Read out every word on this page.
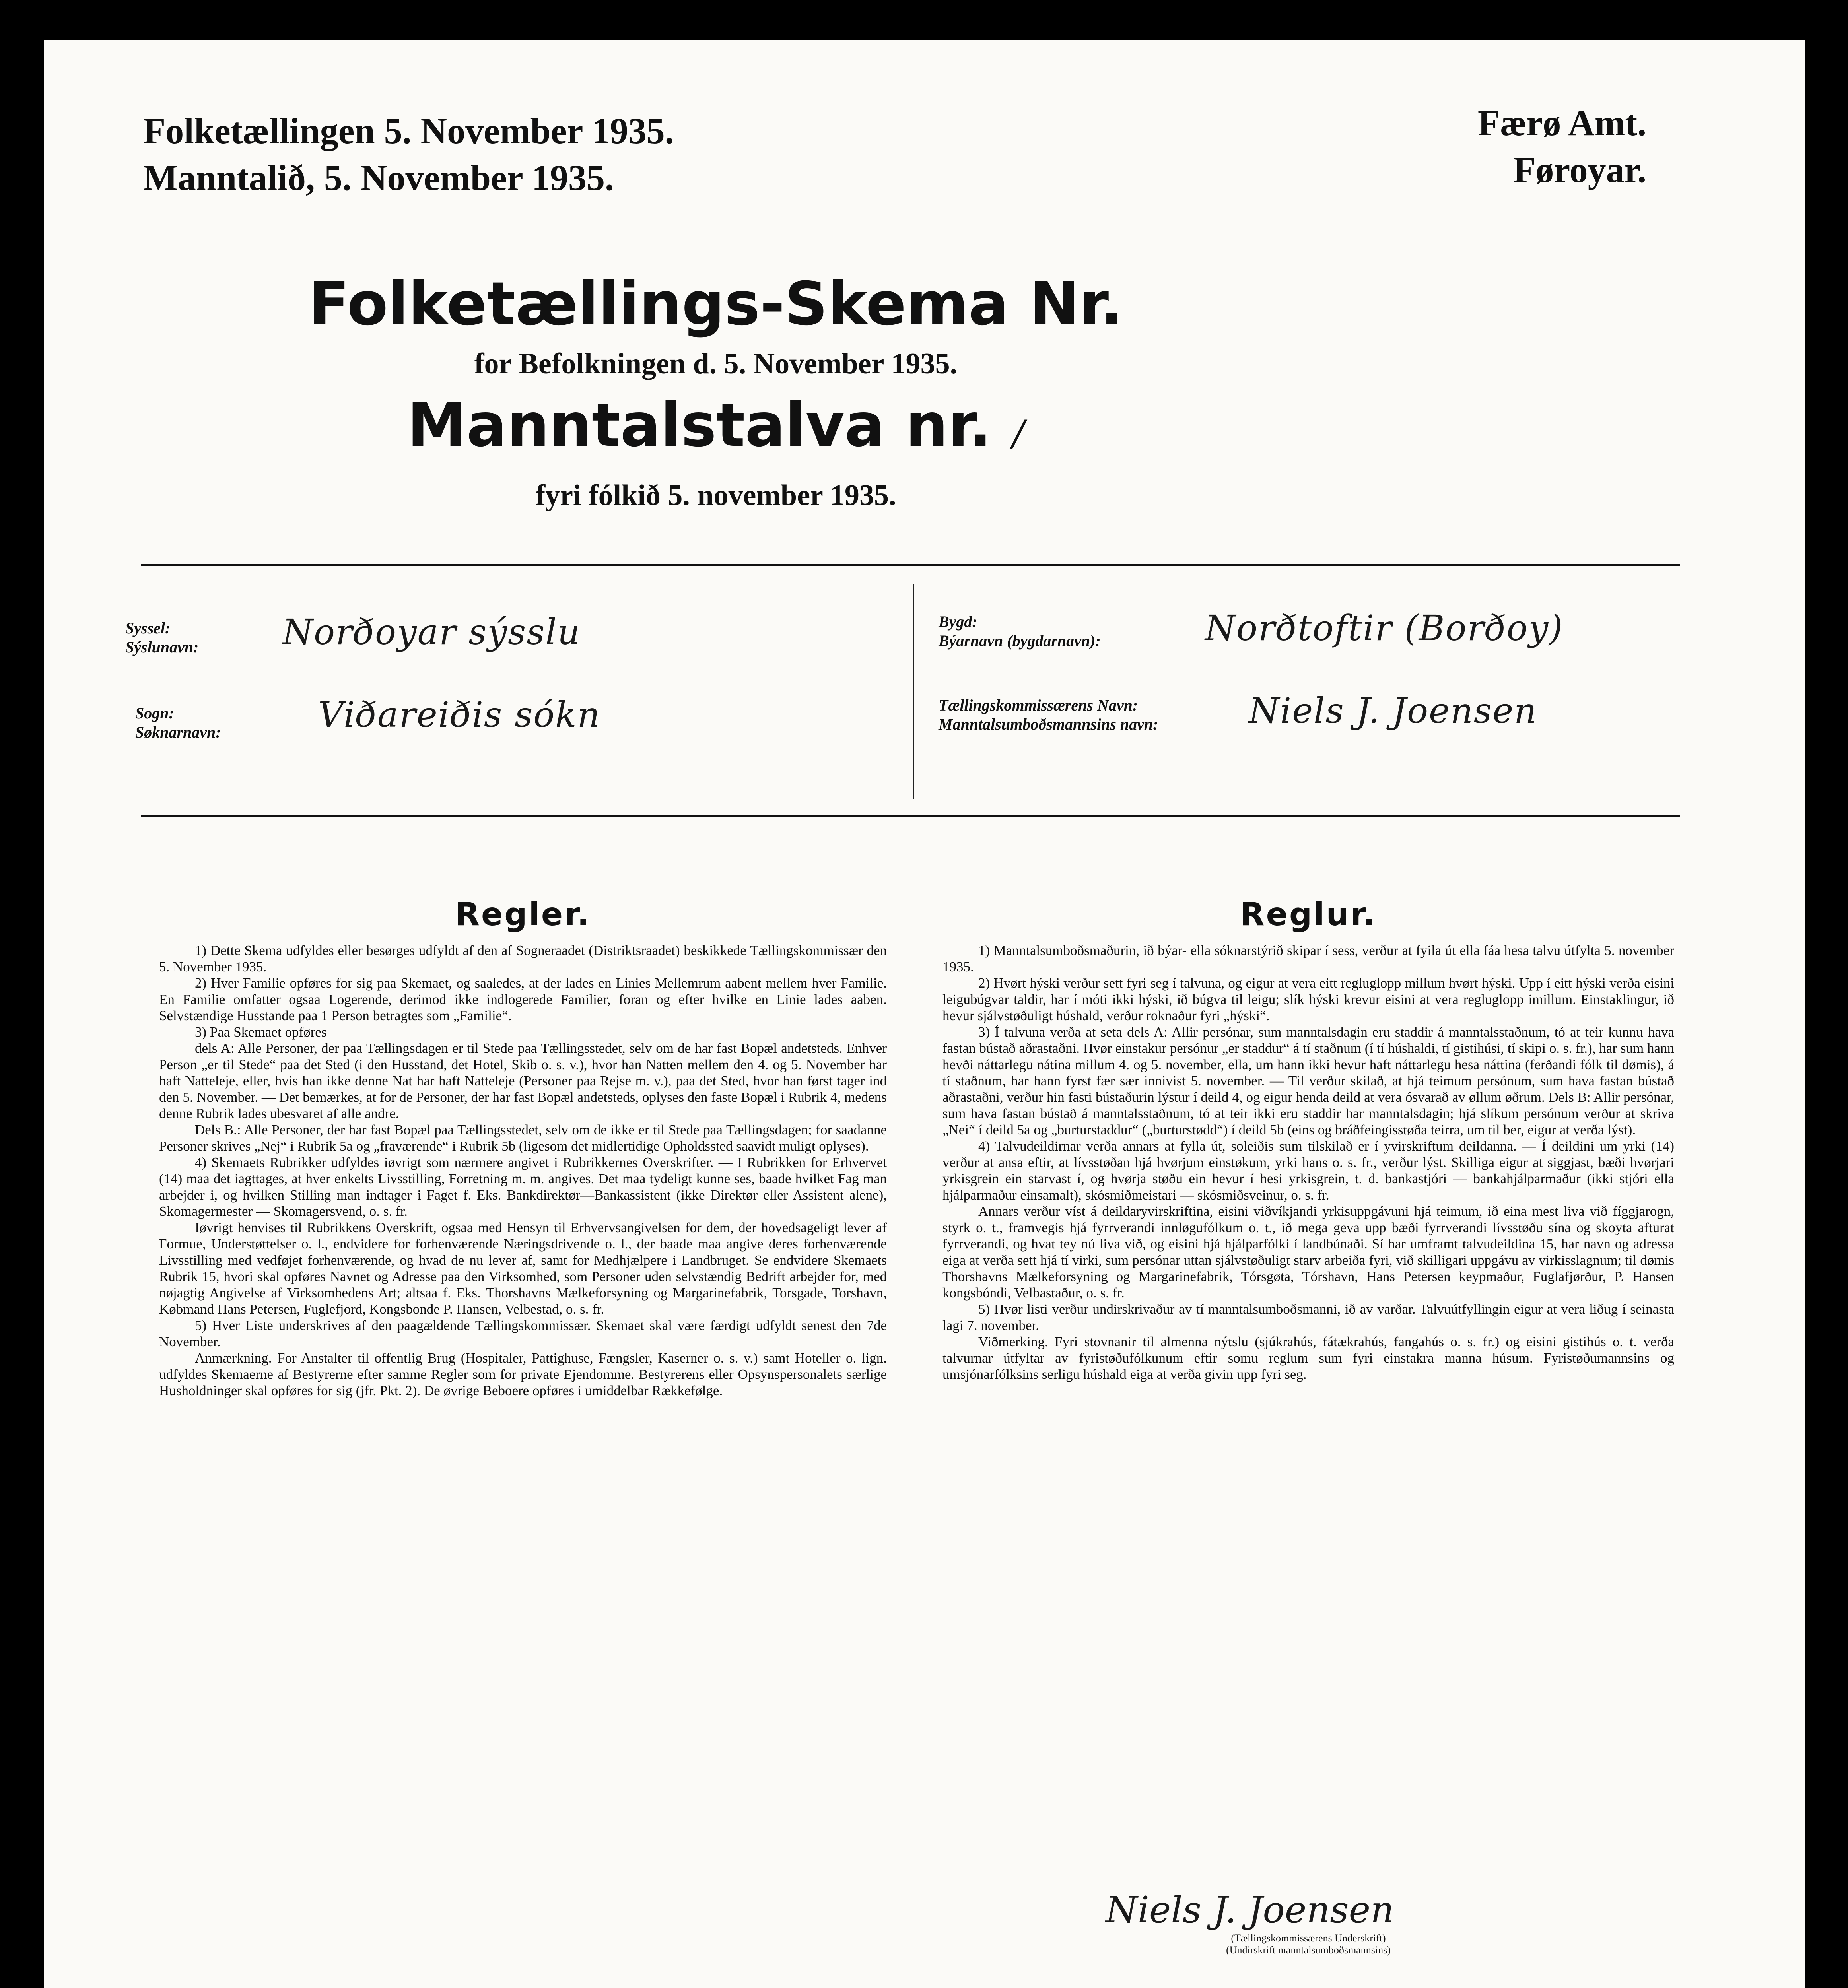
Folketællingen 5. November 1935.
Manntalið, 5. November 1935.
Færø Amt.
Føroyar.
Folketællings-Skema Nr.
for Befolkningen d. 5. November 1935.
Manntalstalva nr. /
fyri fólkið 5. november 1935.
Syssel:
Sýslunavn: Norðoyar sýsslu
Sogn:
Søknarnavn:	Viðareiðis sókn
Bygd:
Býarnavn (bygdarnavn):	Norðtoftir (Borðoy)
Tællingskommissærens Navn:
Manntalsumboðsmannsins navn:	Niels J. Joensen
Regler.

1) Dette Skema udfyldes eller besørges udfyldt af den af Sogneraadet (Distriktsraadet) beskikkede Tællingskommissær den 5. November 1935.

2) Hver Familie opføres for sig paa Skemaet, og saaledes, at der lades en Linies Mellemrum aabent mellem hver Familie. En Familie omfatter ogsaa Logerende, derimod ikke indlogerede Familier, foran og efter hvilke en Linie lades aaben. Selvstændige Husstande paa 1 Person betragtes som „Familie“.

3) Paa Skemaet opføres

dels A: Alle Personer, der paa Tællingsdagen er til Stede paa Tællingsstedet, selv om de har fast Bopæl andetsteds. Enhver Person „er til Stede“ paa det Sted (i den Husstand, det Hotel, Skib o. s. v.), hvor han Natten mellem den 4. og 5. November har haft Natteleje, eller, hvis han ikke denne Nat har haft Natteleje (Personer paa Rejse m. v.), paa det Sted, hvor han først tager ind den 5. November. — Det bemærkes, at for de Personer, der har fast Bopæl andetsteds, oplyses den faste Bopæl i Rubrik 4, medens denne Rubrik lades ubesvaret af alle andre.

Dels B.: Alle Personer, der har fast Bopæl paa Tællingsstedet, selv om de ikke er til Stede paa Tællingsdagen; for saadanne Personer skrives „Nej“ i Rubrik 5a og „fraværende“ i Rubrik 5b (ligesom det midlertidige Opholdssted saavidt muligt oplyses).

4) Skemaets Rubrikker udfyldes iøvrigt som nærmere angivet i Rubrikkernes Overskrifter. — I Rubrikken for Erhvervet (14) maa det iagttages, at hver enkelts Livsstilling, Forretning m. m. angives. Det maa tydeligt kunne ses, baade hvilket Fag man arbejder i, og hvilken Stilling man indtager i Faget f. Eks. Bankdirektør—Bankassistent (ikke Direktør eller Assistent alene), Skomagermester — Skomagersvend, o. s. fr.

Iøvrigt henvises til Rubrikkens Overskrift, ogsaa med Hensyn til Erhvervsangivelsen for dem, der hovedsageligt lever af Formue, Understøttelser o. l., endvidere for forhenværende Næringsdrivende o. l., der baade maa angive deres forhenværende Livsstilling med vedføjet forhenværende, og hvad de nu lever af, samt for Medhjælpere i Landbruget. Se endvidere Skemaets Rubrik 15, hvori skal opføres Navnet og Adresse paa den Virksomhed, som Personer uden selvstændig Bedrift arbejder for, med nøjagtig Angivelse af Virksomhedens Art; altsaa f. Eks. Thorshavns Mælkeforsyning og Margarinefabrik, Torsgade, Torshavn, Købmand Hans Petersen, Fuglefjord, Kongsbonde P. Hansen, Velbestad, o. s. fr.

5) Hver Liste underskrives af den paagældende Tællingskommissær. Skemaet skal være færdigt udfyldt senest den 7de November.

Anmærkning. For Anstalter til offentlig Brug (Hospitaler, Pattighuse, Fængsler, Kaserner o. s. v.) samt Hoteller o. lign. udfyldes Skemaerne af Bestyrerne efter samme Regler som for private Ejendomme. Bestyrerens eller Opsynspersonalets særlige Husholdninger skal opføres for sig (jfr. Pkt. 2). De øvrige Beboere opføres i umiddelbar Rækkefølge.

Reglur.

1) Manntalsumboðsmaðurin, ið býar- ella sóknarstýrið skipar í sess, verður at fyila út ella fáa hesa talvu útfylta 5. november 1935.

2) Hvørt hýski verður sett fyri seg í talvuna, og eigur at vera eitt regluglopp millum hvørt hýski. Upp í eitt hýski verða eisini leigubúgvar taldir, har í móti ikki hýski, ið búgva til leigu; slík hýski krevur eisini at vera regluglopp imillum. Einstaklingur, ið hevur sjálvstøðuligt húshald, verður roknaður fyri „hýski“.

3) Í talvuna verða at seta dels A: Allir persónar, sum manntalsdagin eru staddir á manntalsstaðnum, tó at teir kunnu hava fastan bústað aðrastaðni. Hvør einstakur persónur „er staddur“ á tí staðnum (í tí húshaldi, tí gistihúsi, tí skipi o. s. fr.), har sum hann hevði náttarlegu nátina millum 4. og 5. november, ella, um hann ikki hevur haft náttarlegu hesa náttina (ferðandi fólk til dømis), á tí staðnum, har hann fyrst fær sær innivist 5. november. — Til verður skilað, at hjá teimum persónum, sum hava fastan bústað aðrastaðni, verður hin fasti bústaðurin lýstur í deild 4, og eigur henda deild at vera ósvarað av øllum øðrum. Dels B: Allir persónar, sum hava fastan bústað á manntalsstaðnum, tó at teir ikki eru staddir har manntalsdagin; hjá slíkum persónum verður at skriva „Nei“ í deild 5a og „burturstaddur“ („burturstødd“) í deild 5b (eins og bráðfeingisstøða teirra, um til ber, eigur at verða lýst).

4) Talvudeildirnar verða annars at fylla út, soleiðis sum tilskilað er í yvirskriftum deildanna. — Í deildini um yrki (14) verður at ansa eftir, at lívsstøðan hjá hvørjum einstøkum, yrki hans o. s. fr., verður lýst. Skilliga eigur at siggjast, bæði hvørjari yrkisgrein ein starvast í, og hvørja støðu ein hevur í hesi yrkisgrein, t. d. bankastjóri — bankahjálparmaður (ikki stjóri ella hjálparmaður einsamalt), skósmiðmeistari — skósmiðsveinur, o. s. fr.

Annars verður víst á deildaryvirskriftina, eisini viðvíkjandi yrkisuppgávuni hjá teimum, ið eina mest liva við fíggjarogn, styrk o. t., framvegis hjá fyrrverandi innløgufólkum o. t., ið mega geva upp bæði fyrrverandi lívsstøðu sína og skoyta afturat fyrrverandi, og hvat tey nú liva við, og eisini hjá hjálparfólki í landbúnaði. Sí har umframt talvudeildina 15, har navn og adressa eiga at verða sett hjá tí virki, sum persónar uttan sjálvstøðuligt starv arbeiða fyri, við skilligari uppgávu av virkisslagnum; til dømis Thorshavns Mælkeforsyning og Margarinefabrik, Tórsgøta, Tórshavn, Hans Petersen keypmaður, Fuglafjørður, P. Hansen kongsbóndi, Velbastaður, o. s. fr.

5) Hvør listi verður undirskrivaður av tí manntalsumboðsmanni, ið av varðar. Talvuútfyllingin eigur at vera liðug í seinasta lagi 7. november.

Viðmerking. Fyri stovnanir til almenna nýtslu (sjúkrahús, fátækrahús, fangahús o. s. fr.) og eisini gistihús o. t. verða talvurnar útfyltar av fyristøðufólkunum eftir somu reglum sum fyri einstakra manna húsum. Fyristøðumannsins og umsjónarfólksins serligu húshald eiga at verða givin upp fyri seg.

Niels J. Joensen
(Tællingskommissærens Underskrift)
(Undirskrift manntalsumboðsmannsins)
